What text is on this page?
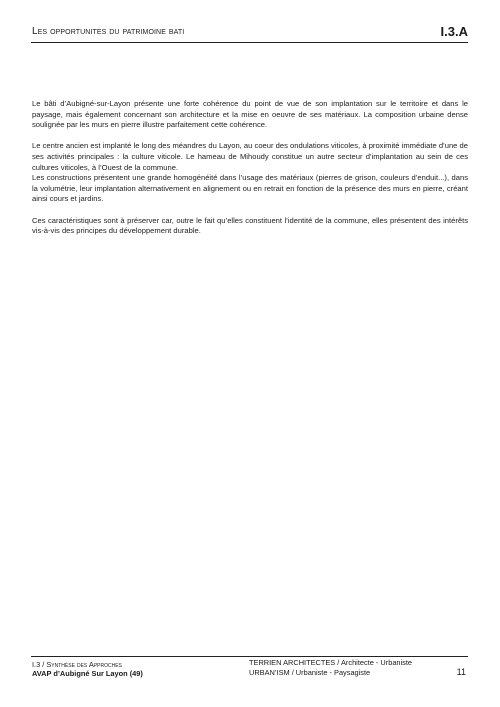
Les opportunites du patrimoine bati	I.3.A

Le bâti d’Aubigné-sur-Layon présente une forte cohérence du point de vue de son implantation sur le territoire et dans le paysage, mais également concernant son architecture et la mise en oeuvre de ses matériaux. La composition urbaine dense soulignée par les murs en pierre illustre parfaitement cette cohérence.

Le centre ancien est implanté le long des méandres du Layon, au coeur des ondulations viticoles, à proximité immédiate d’une de ses activités principales : la culture viticole. Le hameau de Mihoudy constitue un autre secteur d’implantation au sein de ces cultures viticoles, à l’Ouest de la commune.

Les constructions présentent une grande homogénéité dans l’usage des matériaux (pierres de grison, couleurs d’enduit...), dans la volumétrie, leur implantation alternativement en alignement ou en retrait en fonction de la présence des murs en pierre, créant ainsi cours et jardins.

Ces caractéristiques sont à préserver car, outre le fait qu’elles constituent l’identité de la commune, elles présentent des intérêts vis-à-vis des principes du développement durable.

I.3 / Synthèse des Approches
AVAP d’Aubigné Sur Layon (49)
TERRIEN ARCHITECTES / Architecte - Urbaniste
URBAN’ISM / Urbaniste - Paysagiste	11
